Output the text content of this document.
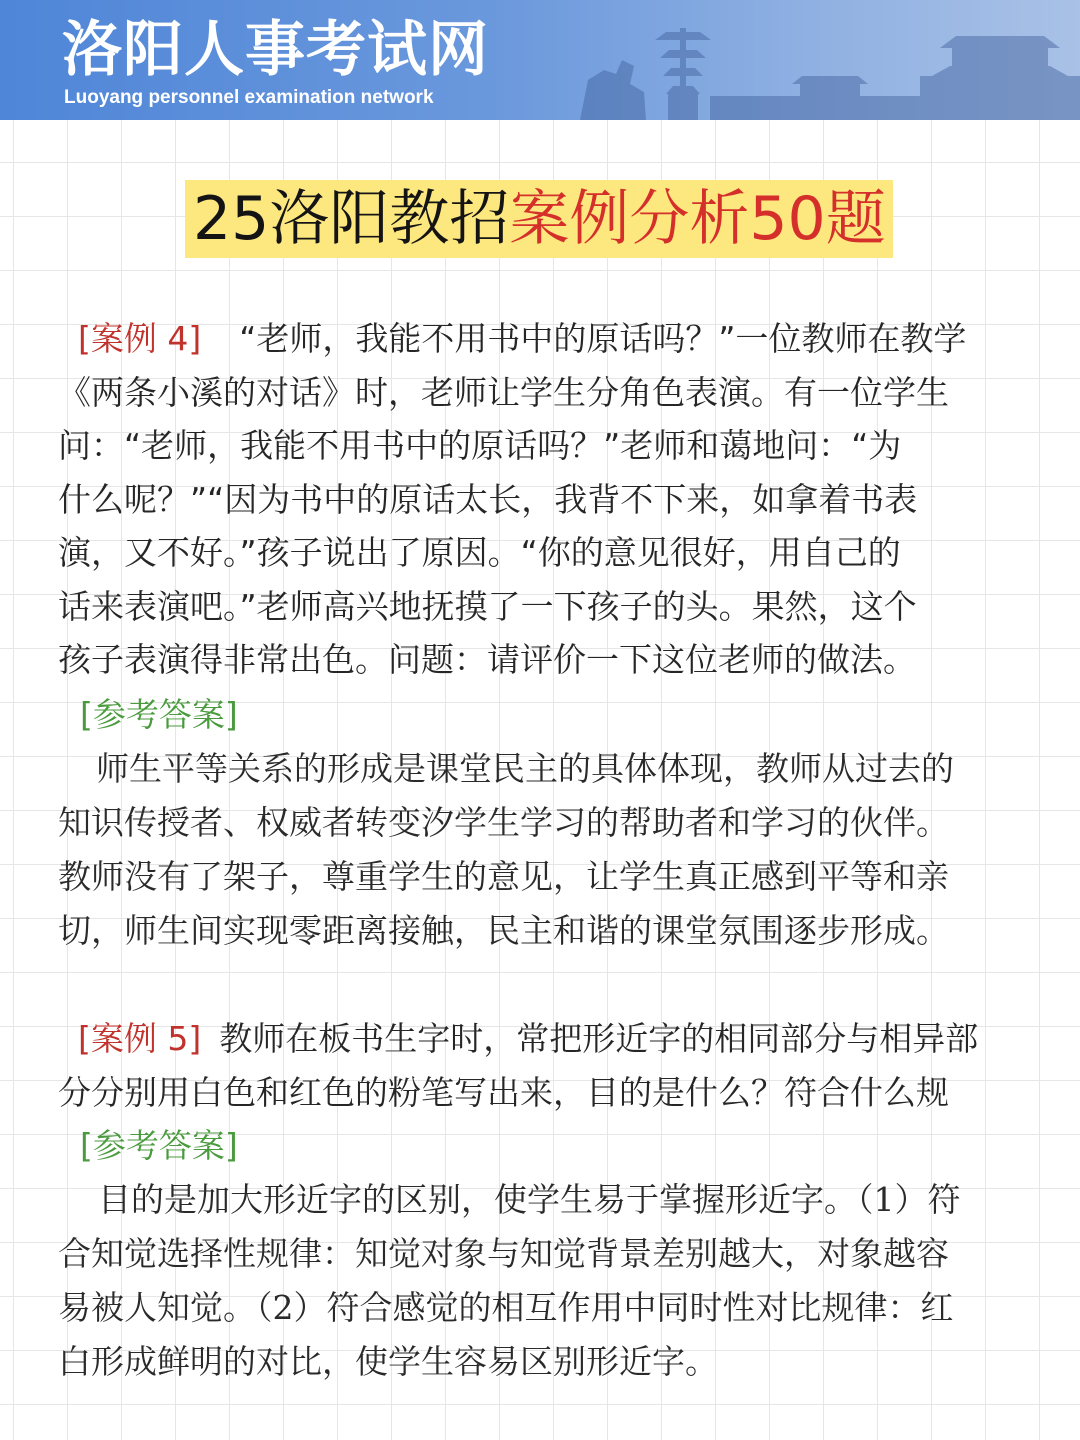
洛阳人事考试网
Luoyang personnel examination network
25洛阳教招案例分析50题
[案例 4] “老师，我能不用书中的原话吗？”一位教师在教学
《两条小溪的对话》时，老师让学生分角色表演。有一位学生
问：“老师，我能不用书中的原话吗？”老师和蔼地问：“为
什么呢？”“因为书中的原话太长，我背不下来，如拿着书表
演，又不好。”孩子说出了原因。“你的意见很好，用自己的
话来表演吧。”老师高兴地抚摸了一下孩子的头。果然，这个
孩子表演得非常出色。问题：请评价一下这位老师的做法。
[参考答案]
师生平等关系的形成是课堂民主的具体体现，教师从过去的
知识传授者、权威者转变汐学生学习的帮助者和学习的伙伴。
教师没有了架子，尊重学生的意见，让学生真正感到平等和亲
切，师生间实现零距离接触，民主和谐的课堂氛围逐步形成。
[案例 5] 教师在板书生字时，常把形近字的相同部分与相异部
分分别用白色和红色的粉笔写出来，目的是什么？符合什么规
[参考答案]
目的是加大形近字的区别，使学生易于掌握形近字。（1）符
合知觉选择性规律：知觉对象与知觉背景差别越大，对象越容
易被人知觉。（2）符合感觉的相互作用中同时性对比规律：红
白形成鲜明的对比，使学生容易区别形近字。
